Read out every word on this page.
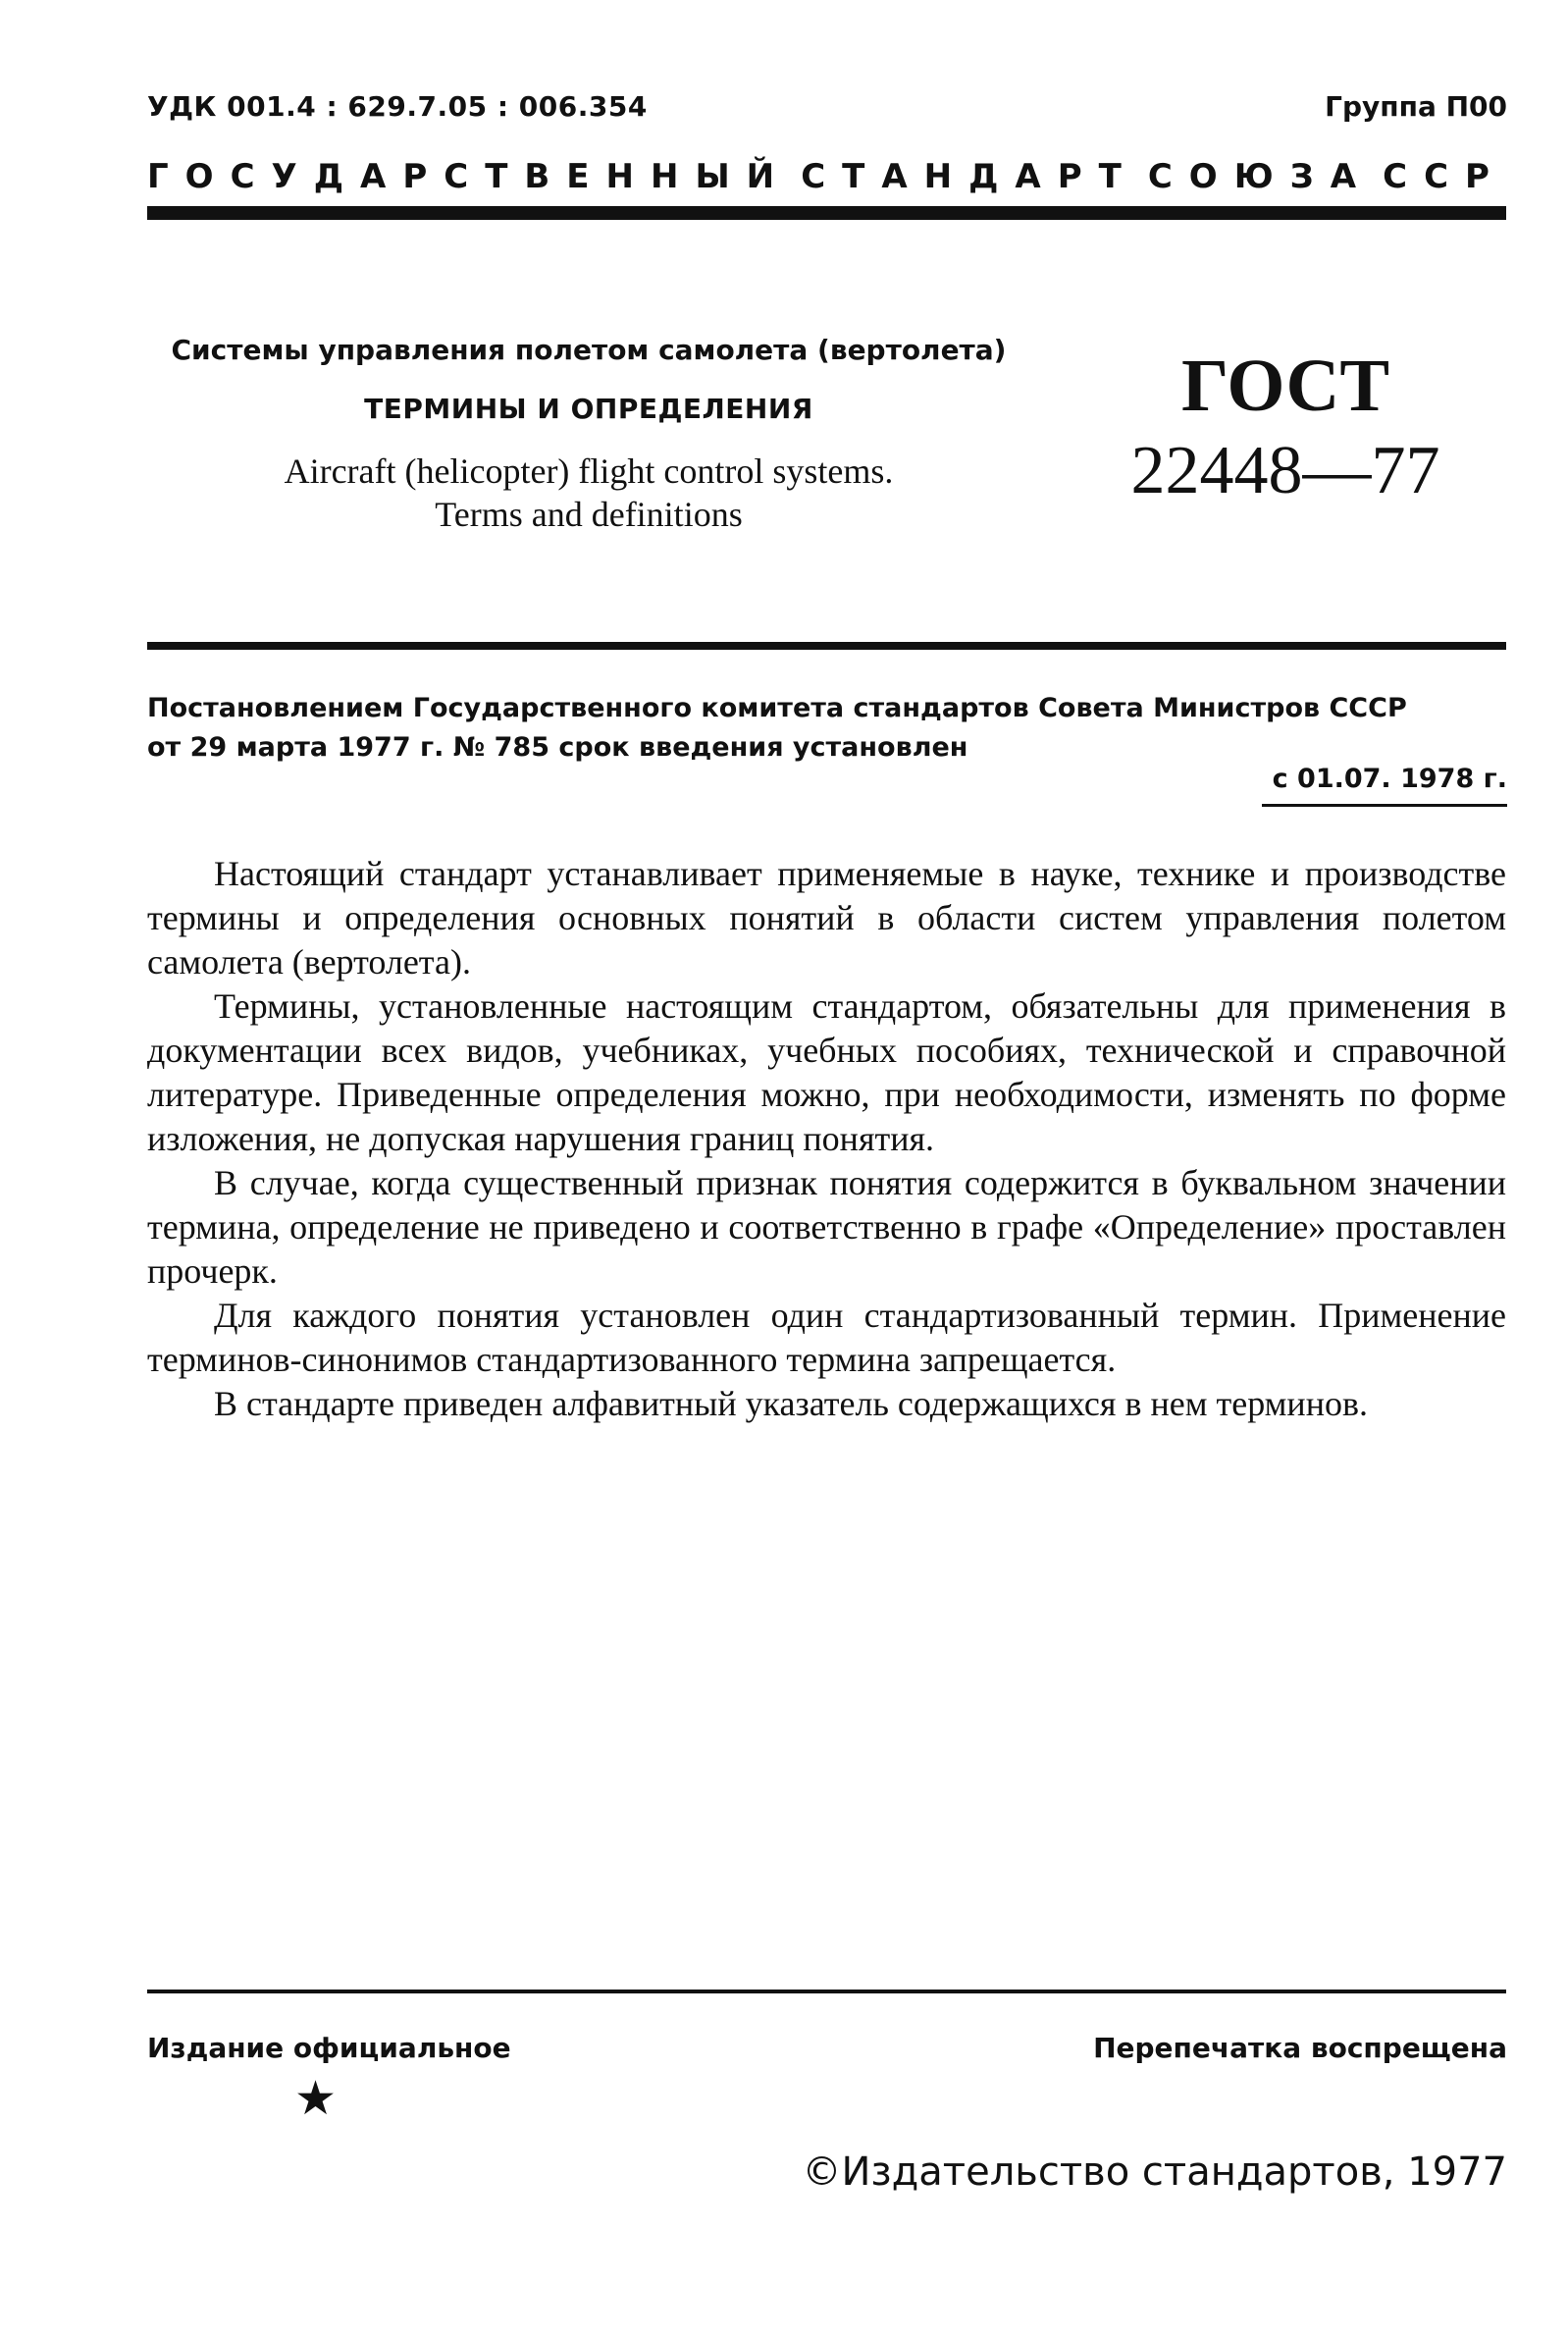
УДК 001.4 : 629.7.05 : 006.354	Группа П00
ГОСУДАРСТВЕННЫЙ СТАНДАРТ СОЮЗА ССР
Системы управления полетом самолета (вертолета)
ТЕРМИНЫ И ОПРЕДЕЛЕНИЯ
Aircraft (helicopter) flight control systems.
Terms and definitions
ГОСТ
22448—77
Постановлением Государственного комитета стандартов Совета Министров СССР
от 29 марта 1977 г. № 785 срок введения установлен
с 01.07. 1978 г.

Настоящий стандарт устанавливает применяемые в науке, технике и производстве термины и определения основных понятий в области систем управления полетом самолета (вертолета).

Термины, установленные настоящим стандартом, обязательны для применения в документации всех видов, учебниках, учебных пособиях, технической и справочной литературе. Приведенные определения можно, при необходимости, изменять по форме изложения, не допуская нарушения границ понятия.

В случае, когда существенный признак понятия содержится в буквальном значении термина, определение не приведено и соответственно в графе «Определение» проставлен прочерк.

Для каждого понятия установлен один стандартизованный термин. Применение терминов-синонимов стандартизованного термина запрещается.

В стандарте приведен алфавитный указатель содержащихся в нем терминов.

Издание официальное	Перепечатка воспрещена
★
©Издательство стандартов, 1977
